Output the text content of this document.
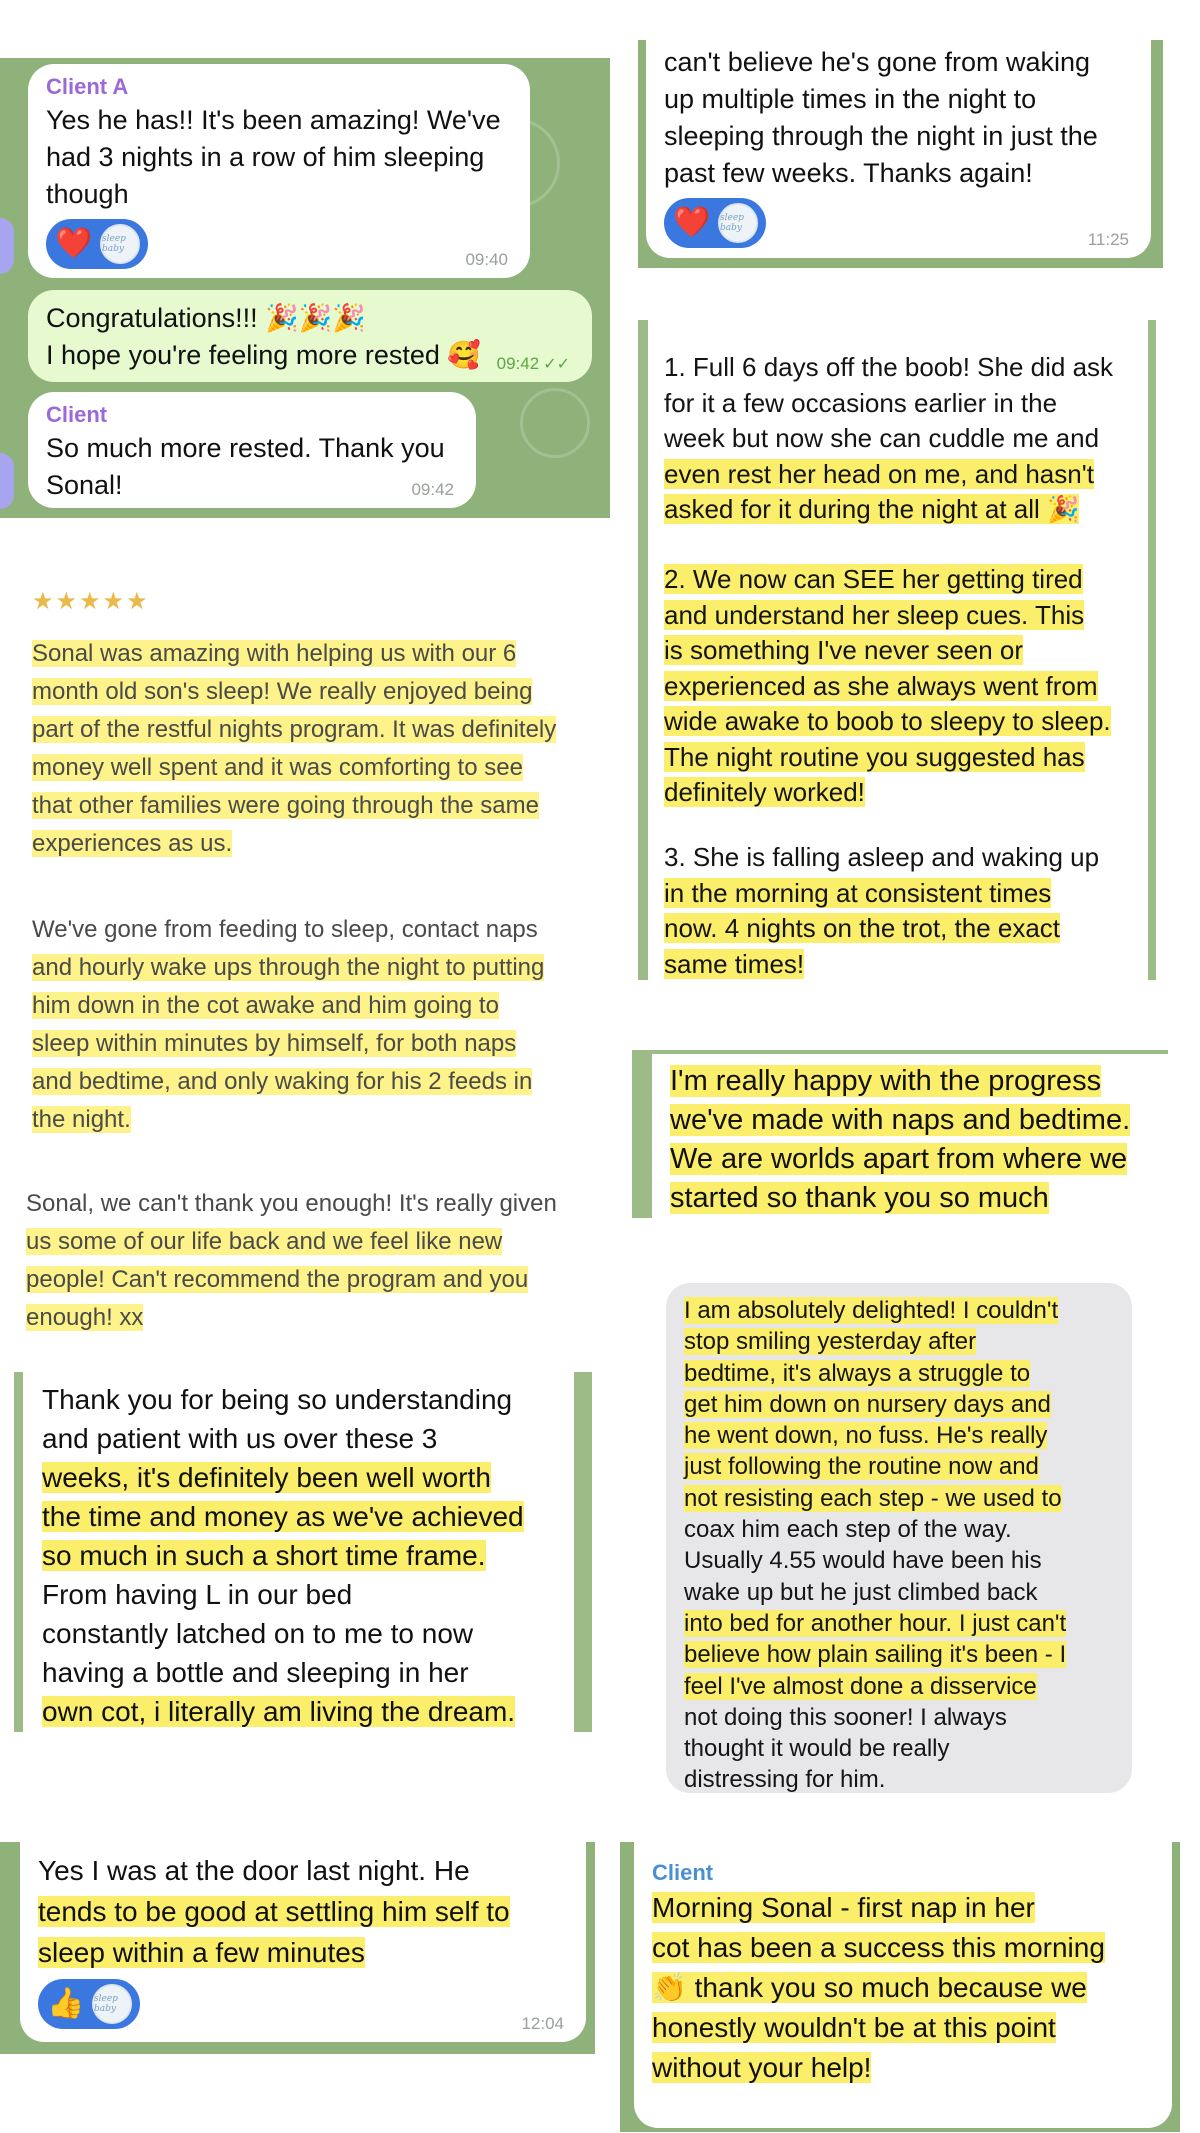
Client A
Yes he has!! It's been amazing! We've
had 3 nights in a row of him sleeping
though
❤️ sleep baby
09:40
Congratulations!!! 🎉🎉🎉
I hope you're feeling more rested 🥰 09:42 ✓✓
Client
So much more rested. Thank you
Sonal!	09:42
can't believe he's gone from waking
up multiple times in the night to
sleeping through the night in just the
past few weeks. Thanks again!
❤️ sleep baby
11:25
★★★★★
Sonal was amazing with helping us with our 6
month old son's sleep! We really enjoyed being
part of the restful nights program. It was definitely
money well spent and it was comforting to see
that other families were going through the same
experiences as us.
We've gone from feeding to sleep, contact naps
and hourly wake ups through the night to putting
him down in the cot awake and him going to
sleep within minutes by himself, for both naps
and bedtime, and only waking for his 2 feeds in
the night.
Sonal, we can't thank you enough! It's really given
us some of our life back and we feel like new
people! Can't recommend the program and you
enough! xx
1. Full 6 days off the boob! She did ask
for it a few occasions earlier in the
week but now she can cuddle me and
even rest her head on me, and hasn't
asked for it during the night at all 🎉
2. We now can SEE her getting tired
and understand her sleep cues. This
is something I've never seen or
experienced as she always went from
wide awake to boob to sleepy to sleep.
The night routine you suggested has
definitely worked!
3. She is falling asleep and waking up
in the morning at consistent times
now. 4 nights on the trot, the exact
same times!
I'm really happy with the progress
we've made with naps and bedtime.
We are worlds apart from where we
started so thank you so much
Thank you for being so understanding
and patient with us over these 3
weeks, it's definitely been well worth
the time and money as we've achieved
so much in such a short time frame.
From having L in our bed
constantly latched on to me to now
having a bottle and sleeping in her
own cot, i literally am living the dream.
I am absolutely delighted! I couldn't
stop smiling yesterday after
bedtime, it's always a struggle to
get him down on nursery days and
he went down, no fuss. He's really
just following the routine now and
not resisting each step - we used to
coax him each step of the way.
Usually 4.55 would have been his
wake up but he just climbed back
into bed for another hour. I just can't
believe how plain sailing it's been - I
feel I've almost done a disservice
not doing this sooner! I always
thought it would be really
distressing for him.
Yes I was at the door last night. He
tends to be good at settling him self to
sleep within a few minutes
👍 sleep baby
12:04
Client
Morning Sonal - first nap in her
cot has been a success this morning
👏 thank you so much because we
honestly wouldn't be at this point
without your help!
